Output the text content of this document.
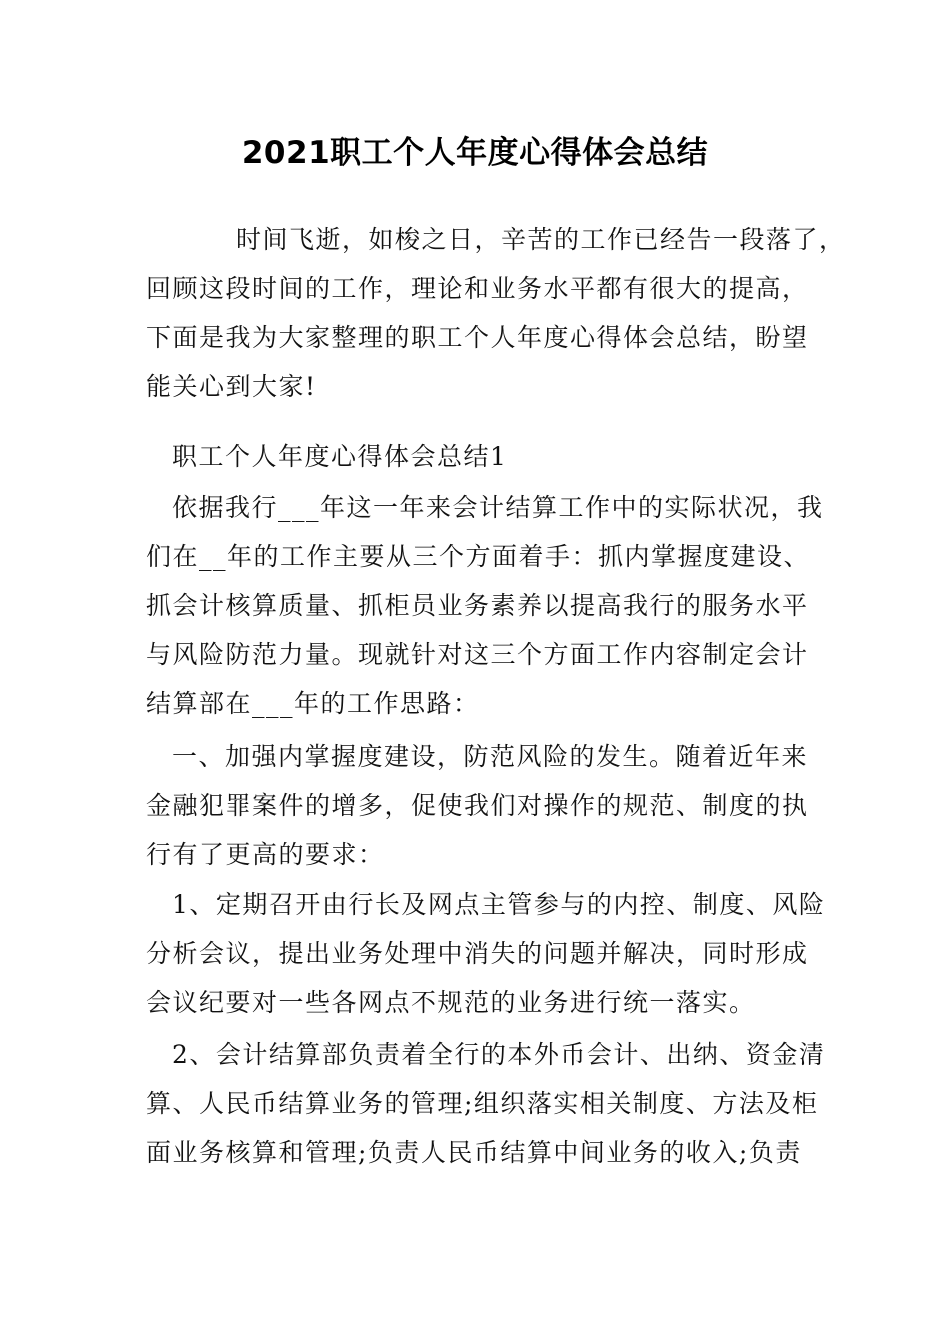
2021职工个人年度心得体会总结
时间飞逝，如梭之日，辛苦的工作已经告一段落了，
回顾这段时间的工作，理论和业务水平都有很大的提高，
下面是我为大家整理的职工个人年度心得体会总结，盼望
能关心到大家!
职工个人年度心得体会总结1
依据我行___年这一年来会计结算工作中的实际状况，我
们在__年的工作主要从三个方面着手：抓内掌握度建设、
抓会计核算质量、抓柜员业务素养以提高我行的服务水平
与风险防范力量。现就针对这三个方面工作内容制定会计
结算部在___年的工作思路：
一、加强内掌握度建设，防范风险的发生。随着近年来
金融犯罪案件的增多，促使我们对操作的规范、制度的执
行有了更高的要求：
1、定期召开由行长及网点主管参与的内控、制度、风险
分析会议，提出业务处理中消失的问题并解决，同时形成
会议纪要对一些各网点不规范的业务进行统一落实。
2、会计结算部负责着全行的本外币会计、出纳、资金清
算、人民币结算业务的管理;组织落实相关制度、方法及柜
面业务核算和管理;负责人民币结算中间业务的收入;负责
